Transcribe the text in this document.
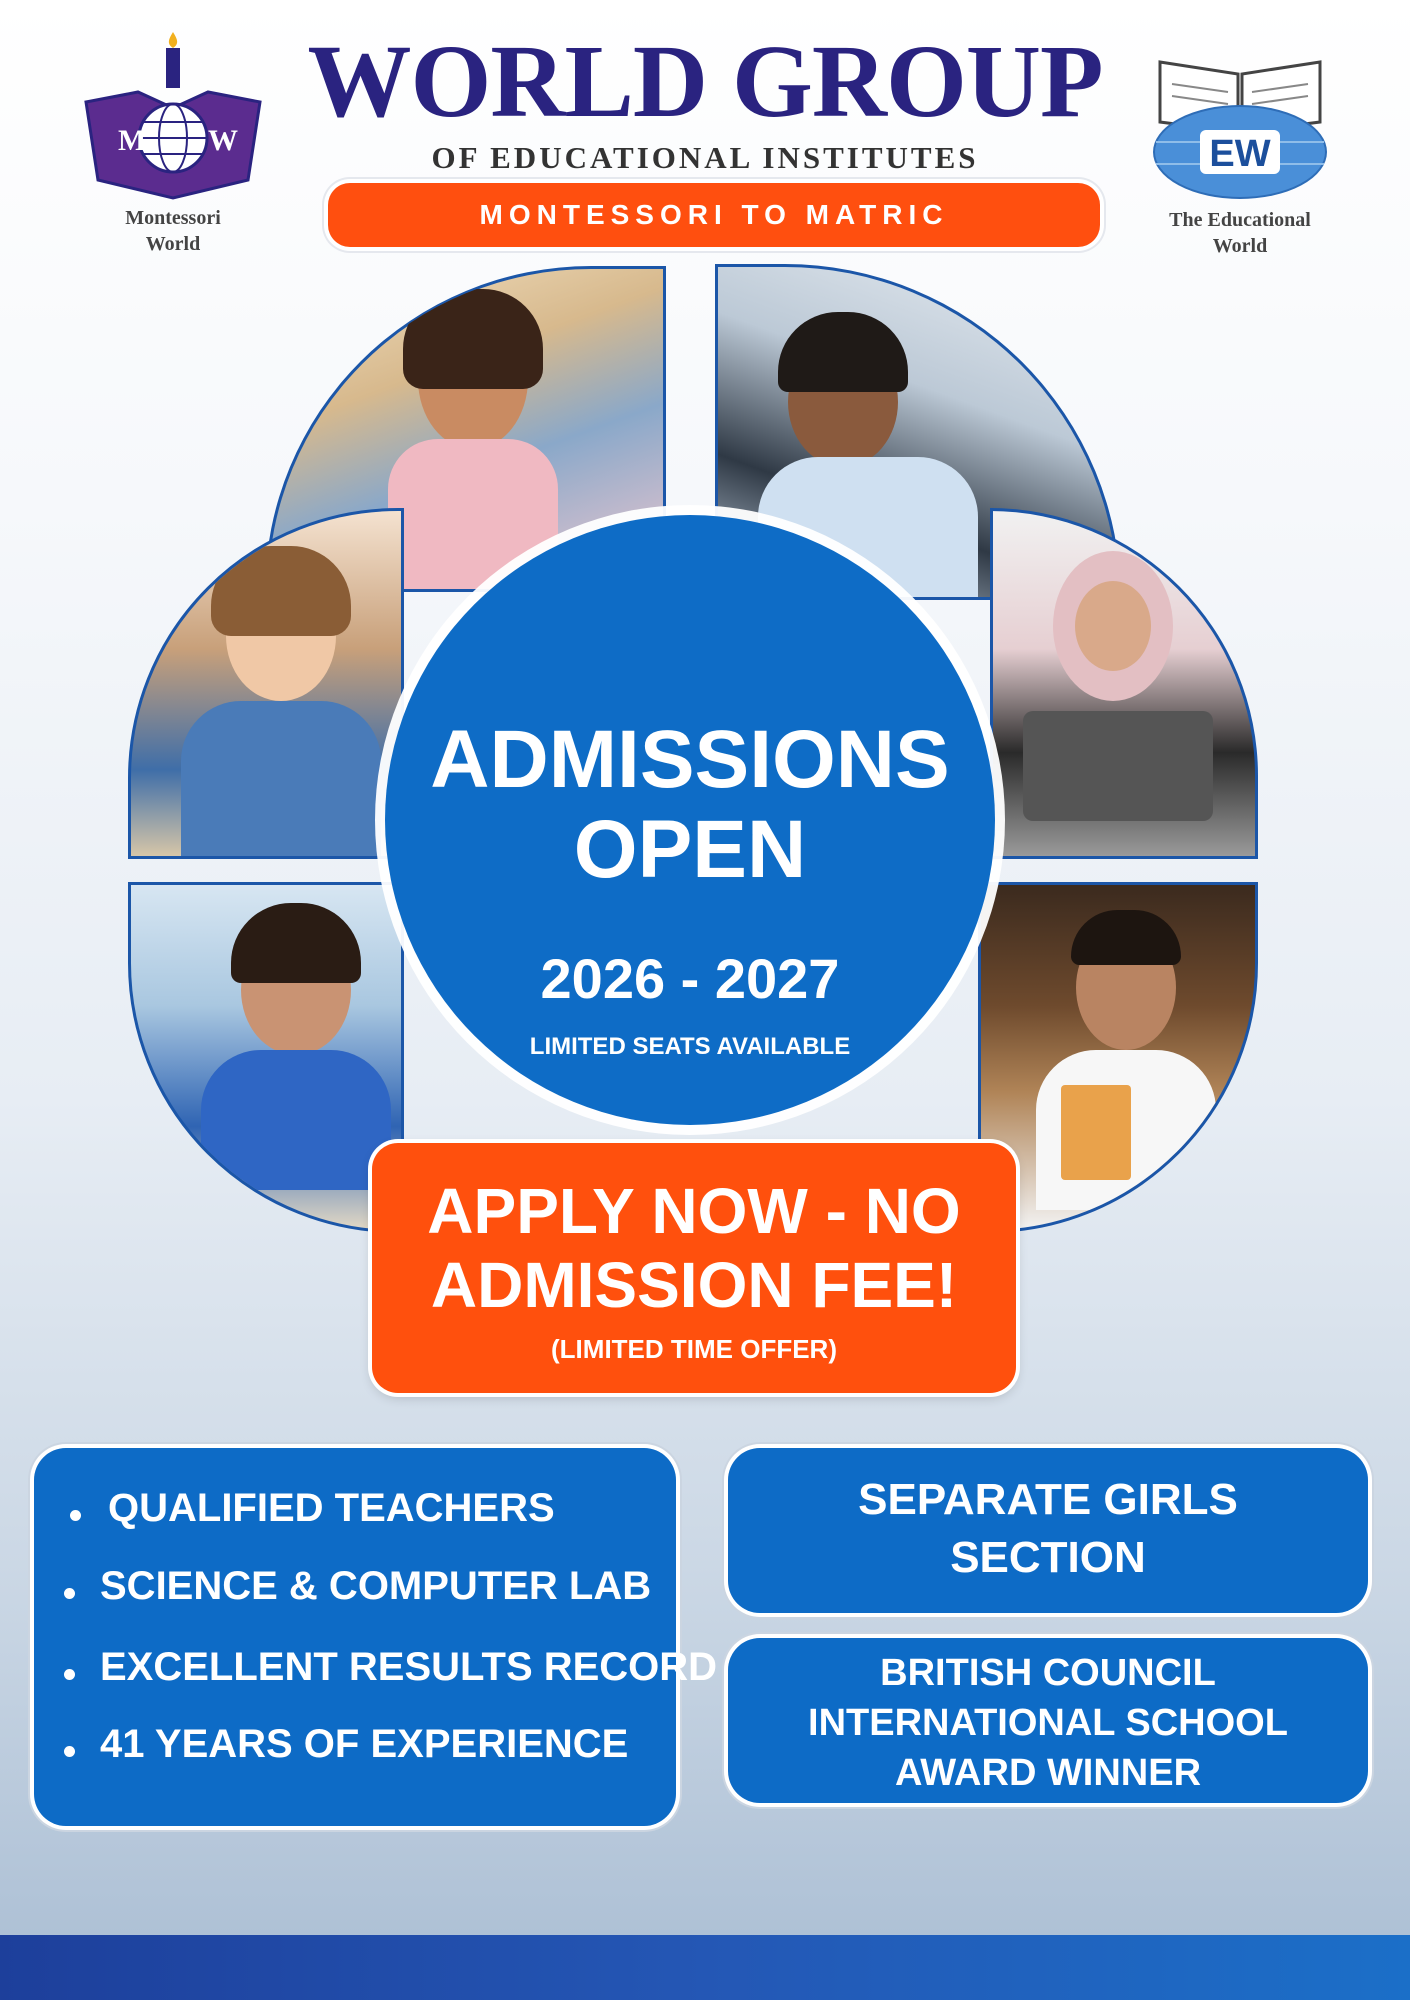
M W
Montessori
World
WORLD GROUP
OF EDUCATIONAL INSTITUTES
MONTESSORI TO MATRIC
EW
The Educational
World
ADMISSIONS
OPEN
2026 - 2027
LIMITED SEATS AVAILABLE
APPLY NOW - NO
ADMISSION FEE!
(LIMITED TIME OFFER)
QUALIFIED TEACHERS
SCIENCE & COMPUTER LAB
EXCELLENT RESULTS RECORD
41 YEARS OF EXPERIENCE
SEPARATE GIRLS
SECTION
BRITISH COUNCIL
INTERNATIONAL SCHOOL
AWARD WINNER
